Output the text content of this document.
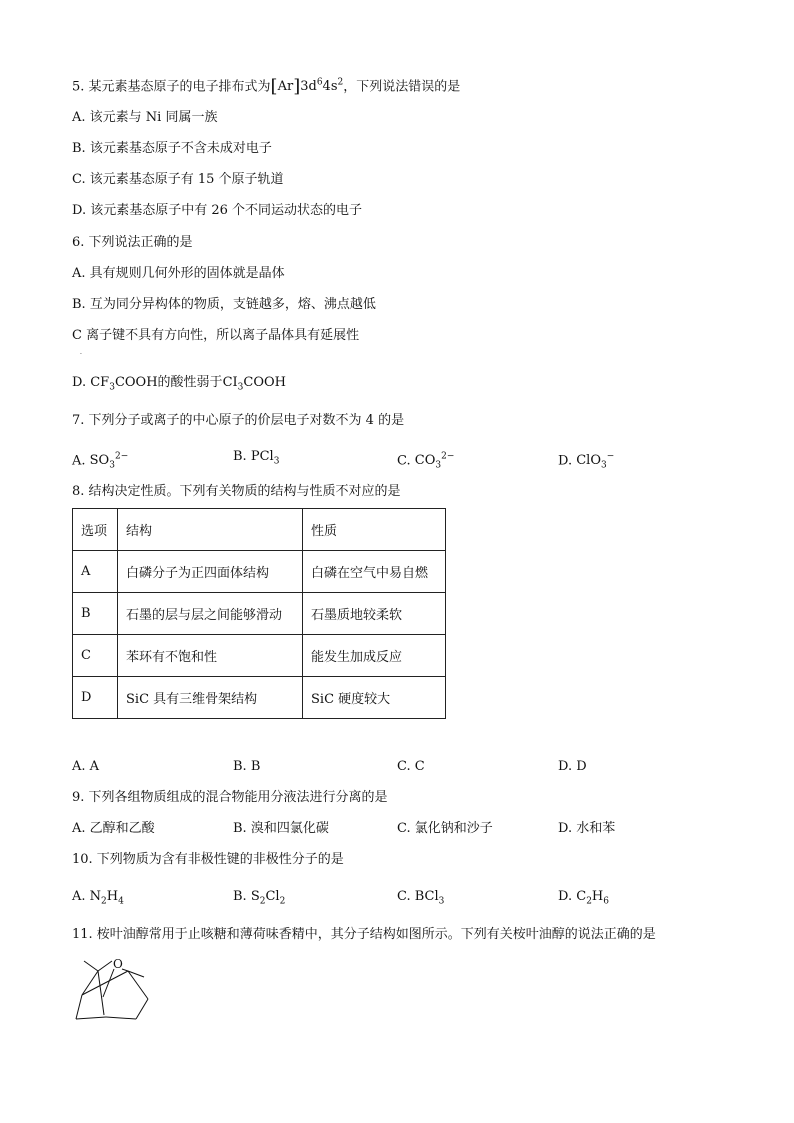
5. 某元素基态原子的电子排布式为$[Ar]3d^64s^2$，下列说法错误的是
A. 该元素与 Ni 同属一族
B. 该元素基态原子不含未成对电子
C. 该元素基态原子有 15 个原子轨道
D. 该元素基态原子中有 26 个不同运动状态的电子
6. 下列说法正确的是
A. 具有规则几何外形的固体就是晶体
B. 互为同分异构体的物质，支链越多，熔、沸点越低
C 离子键不具有方向性，所以离子晶体具有延展性
.
D. $CF_3COOH$的酸性弱于$CI_3COOH$
7. 下列分子或离子的中心原子的价层电子对数不为 4 的是
A. $SO_3^{2-}$	B. PCl$_3$	C. $CO_3^{2-}$	D. ClO$_3$−
8. 结构决定性质。下列有关物质的结构与性质不对应的是
选项	结构	性质
A	白磷分子为正四面体结构	白磷在空气中易自燃
B	石墨的层与层之间能够滑动	石墨质地较柔软
C	苯环有不饱和性	能发生加成反应
D	SiC 具有三维骨架结构	SiC 硬度较大
A. A	B. B	C. C	D. D
9. 下列各组物质组成的混合物能用分液法进行分离的是
A. 乙醇和乙酸	B. 溴和四氯化碳	C. 氯化钠和沙子	D. 水和苯
10. 下列物质为含有非极性键的非极性分子的是
A. $N_2H_4$	B. $S_2Cl_2$	C. BCl$_3$	D. $C_2H_6$
11. 桉叶油醇常用于止咳糖和薄荷味香精中，其分子结构如图所示。下列有关桉叶油醇的说法正确的是
O
